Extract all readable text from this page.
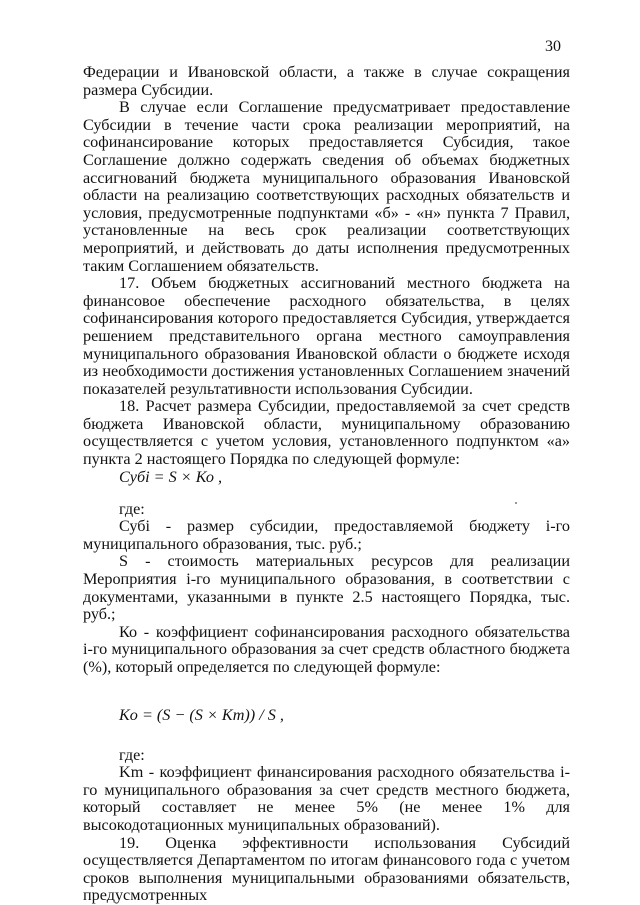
30

Федерации и Ивановской области, а также в случае сокращения размера Субсидии.

В случае если Соглашение предусматривает предоставление Субсидии в течение части срока реализации мероприятий, на софинансирование которых предоставляется Субсидия, такое Соглашение должно содержать сведения об объемах бюджетных ассигнований бюджета муниципального образования Ивановской области на реализацию соответствующих расходных обязательств и условия, предусмотренные подпунктами «б» - «н» пункта 7 Правил, установленные на весь срок реализации соответствующих мероприятий, и действовать до даты исполнения предусмотренных таким Соглашением обязательств.

17. Объем бюджетных ассигнований местного бюджета на финансовое обеспечение расходного обязательства, в целях софинансирования которого предоставляется Субсидия, утверждается решением представительного органа местного самоуправления муниципального образования Ивановской области о бюджете исходя из необходимости достижения установленных Соглашением значений показателей результативности использования Субсидии.

18. Расчет размера Субсидии, предоставляемой за счет средств бюджета Ивановской области, муниципальному образованию осуществляется с учетом условия, установленного подпунктом «а» пункта 2 настоящего Порядка по следующей формуле:

Субi = S × Ко ,

где:

Субi - размер субсидии, предоставляемой бюджету i-го муниципального образования, тыс. руб.;

S - стоимость материальных ресурсов для реализации Мероприятия i-го муниципального образования, в соответствии с документами, указанными в пункте 2.5 настоящего Порядка, тыс. руб.;

Ко - коэффициент софинансирования расходного обязательства i-го муниципального образования за счет средств областного бюджета (%), который определяется по следующей формуле:

Ko = (S − (S × Km)) / S ,

где:

Km - коэффициент финансирования расходного обязательства i-го муниципального образования за счет средств местного бюджета, который составляет не менее 5% (не менее 1% для высокодотационных муниципальных образований).

19. Оценка эффективности использования Субсидий осуществляется Департаментом по итогам финансового года с учетом сроков выполнения муниципальными образованиями обязательств, предусмотренных
